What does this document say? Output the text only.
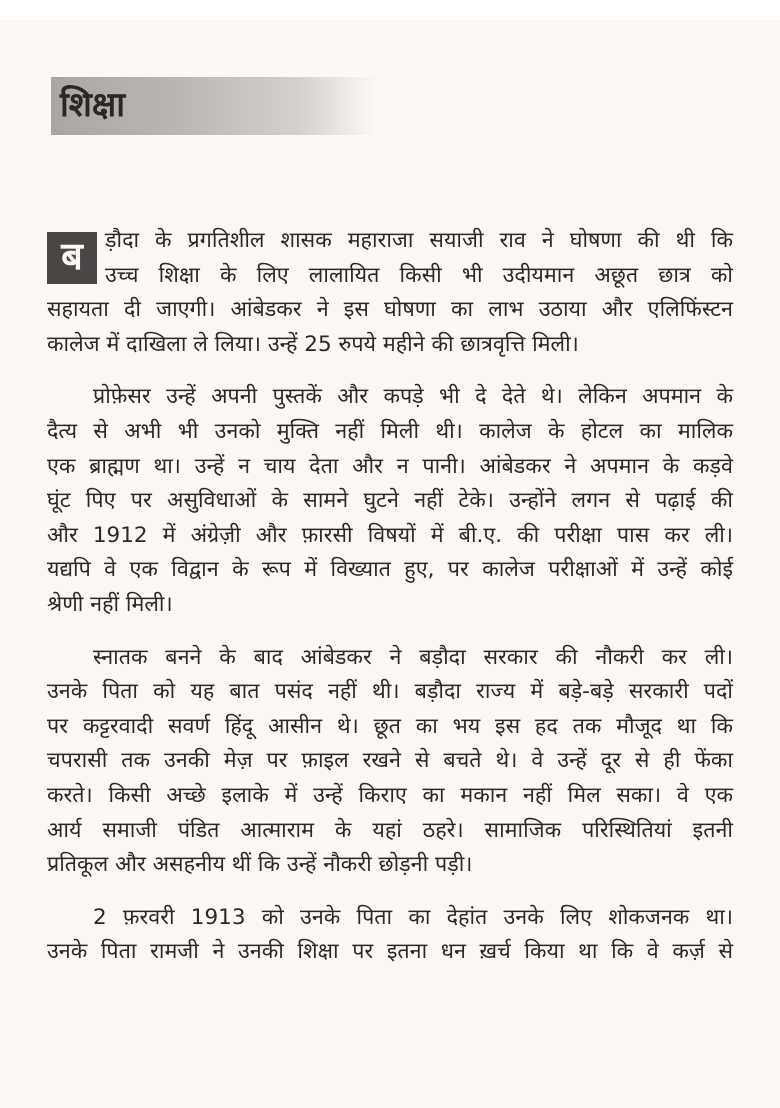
शिक्षा
ब	ड़ौदा के प्रगतिशील शासक महाराजा सयाजी राव ने घोषणा की थी कि
उच्च शिक्षा के लिए लालायित किसी भी उदीयमान अछूत छात्र को
सहायता दी जाएगी। आंबेडकर ने इस घोषणा का लाभ उठाया और एलिफिंस्टन
कालेज में दाखिला ले लिया। उन्हें 25 रुपये महीने की छात्रवृत्ति मिली।
प्रोफ़ेसर उन्हें अपनी पुस्तकें और कपड़े भी दे देते थे। लेकिन अपमान के
दैत्य से अभी भी उनको मुक्ति नहीं मिली थी। कालेज के होटल का मालिक
एक ब्राह्मण था। उन्हें न चाय देता और न पानी। आंबेडकर ने अपमान के कड़वे
घूंट पिए पर असुविधाओं के सामने घुटने नहीं टेके। उन्होंने लगन से पढ़ाई की
और 1912 में अंग्रेज़ी और फ़ारसी विषयों में बी.ए. की परीक्षा पास कर ली।
यद्यपि वे एक विद्वान के रूप में विख्यात हुए, पर कालेज परीक्षाओं में उन्हें कोई
श्रेणी नहीं मिली।
स्नातक बनने के बाद आंबेडकर ने बड़ौदा सरकार की नौकरी कर ली।
उनके पिता को यह बात पसंद नहीं थी। बड़ौदा राज्य में बड़े-बड़े सरकारी पदों
पर कट्टरवादी सवर्ण हिंदू आसीन थे। छूत का भय इस हद तक मौजूद था कि
चपरासी तक उनकी मेज़ पर फ़ाइल रखने से बचते थे। वे उन्हें दूर से ही फेंका
करते। किसी अच्छे इलाके में उन्हें किराए का मकान नहीं मिल सका। वे एक
आर्य समाजी पंडित आत्माराम के यहां ठहरे। सामाजिक परिस्थितियां इतनी
प्रतिकूल और असहनीय थीं कि उन्हें नौकरी छोड़नी पड़ी।
2 फ़रवरी 1913 को उनके पिता का देहांत उनके लिए शोकजनक था।
उनके पिता रामजी ने उनकी शिक्षा पर इतना धन ख़र्च किया था कि वे कर्ज़ से
